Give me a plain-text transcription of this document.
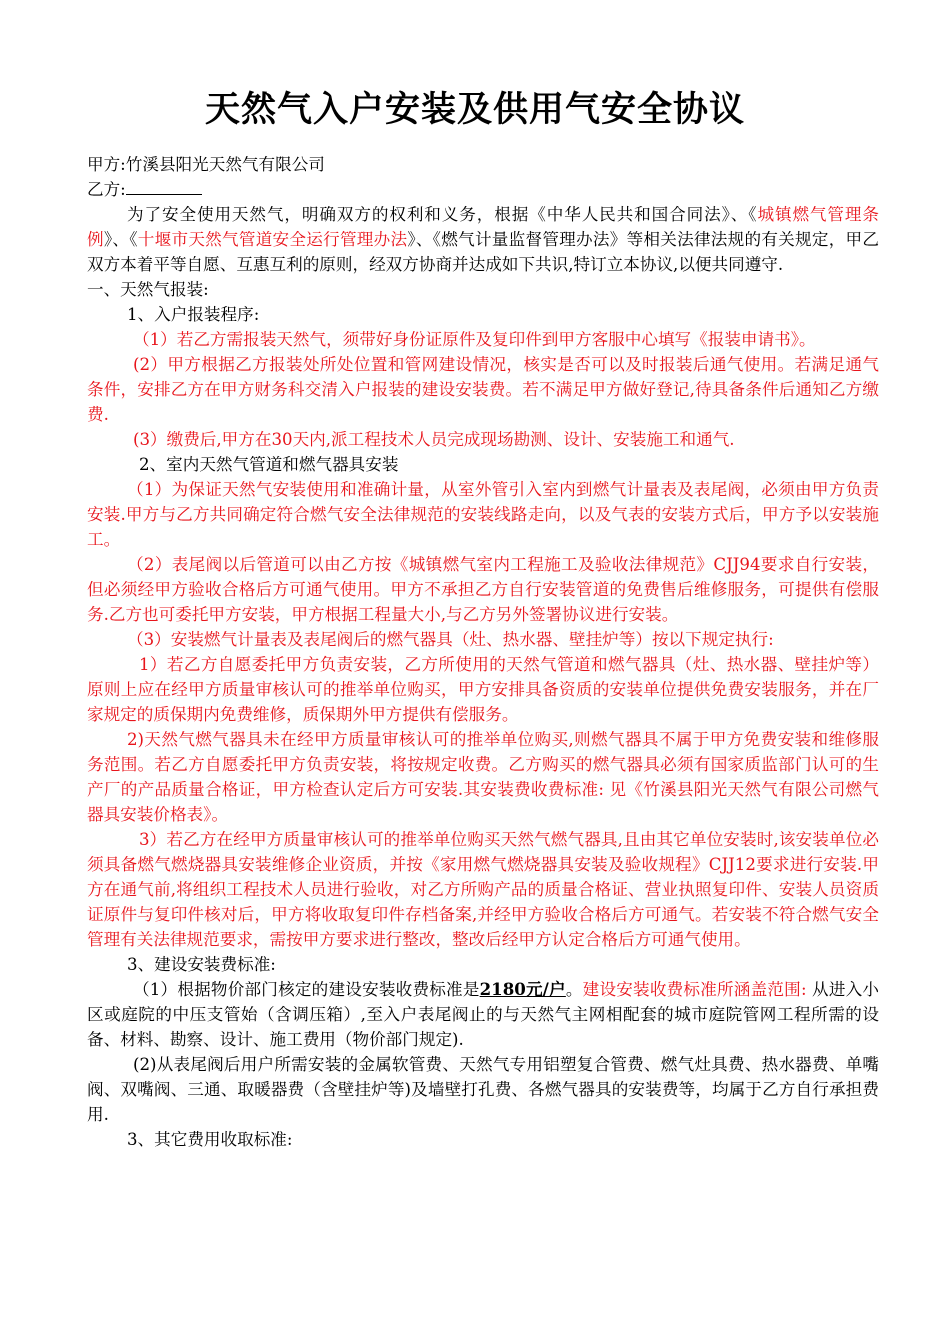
天然气入户安装及供用气安全协议

甲方:竹溪县阳光天然气有限公司

乙方:

为了安全使用天然气，明确双方的权利和义务，根据《中华人民共和国合同法》、《城镇燃气管理条例》、《十堰市天然气管道安全运行管理办法》、《燃气计量监督管理办法》等相关法律法规的有关规定，甲乙双方本着平等自愿、互惠互利的原则，经双方协商并达成如下共识,特订立本协议,以便共同遵守.

一、天然气报装:

1、入户报装程序:

（1）若乙方需报装天然气，须带好身份证原件及复印件到甲方客服中心填写《报装申请书》。

(2）甲方根据乙方报装处所处位置和管网建设情况，核实是否可以及时报装后通气使用。若满足通气条件，安排乙方在甲方财务科交清入户报装的建设安装费。若不满足甲方做好登记,待具备条件后通知乙方缴费.

(3）缴费后,甲方在30天内,派工程技术人员完成现场勘测、设计、安装施工和通气.

2、室内天然气管道和燃气器具安装

（1）为保证天然气安装使用和准确计量，从室外管引入室内到燃气计量表及表尾阀，必须由甲方负责安装.甲方与乙方共同确定符合燃气安全法律规范的安装线路走向，以及气表的安装方式后，甲方予以安装施工。

（2）表尾阀以后管道可以由乙方按《城镇燃气室内工程施工及验收法律规范》CJJ94要求自行安装，但必须经甲方验收合格后方可通气使用。甲方不承担乙方自行安装管道的免费售后维修服务，可提供有偿服务.乙方也可委托甲方安装，甲方根据工程量大小,与乙方另外签署协议进行安装。

（3）安装燃气计量表及表尾阀后的燃气器具（灶、热水器、壁挂炉等）按以下规定执行:

1）若乙方自愿委托甲方负责安装，乙方所使用的天然气管道和燃气器具（灶、热水器、壁挂炉等）原则上应在经甲方质量审核认可的推举单位购买，甲方安排具备资质的安装单位提供免费安装服务，并在厂家规定的质保期内免费维修，质保期外甲方提供有偿服务。

2)天然气燃气器具未在经甲方质量审核认可的推举单位购买,则燃气器具不属于甲方免费安装和维修服务范围。若乙方自愿委托甲方负责安装，将按规定收费。乙方购买的燃气器具必须有国家质监部门认可的生产厂的产品质量合格证，甲方检查认定后方可安装.其安装费收费标准: 见《竹溪县阳光天然气有限公司燃气器具安装价格表》。

3）若乙方在经甲方质量审核认可的推举单位购买天然气燃气器具,且由其它单位安装时,该安装单位必须具备燃气燃烧器具安装维修企业资质，并按《家用燃气燃烧器具安装及验收规程》CJJ12要求进行安装.甲方在通气前,将组织工程技术人员进行验收，对乙方所购产品的质量合格证、营业执照复印件、安装人员资质证原件与复印件核对后，甲方将收取复印件存档备案,并经甲方验收合格后方可通气。若安装不符合燃气安全管理有关法律规范要求，需按甲方要求进行整改，整改后经甲方认定合格后方可通气使用。

3、建设安装费标准:

（1）根据物价部门核定的建设安装收费标准是2180元/户。建设安装收费标准所涵盖范围: 从进入小区或庭院的中压支管始（含调压箱）,至入户表尾阀止的与天然气主网相配套的城市庭院管网工程所需的设备、材料、勘察、设计、施工费用（物价部门规定).

(2)从表尾阀后用户所需安装的金属软管费、天然气专用铝塑复合管费、燃气灶具费、热水器费、单嘴阀、双嘴阀、三通、取暖器费（含壁挂炉等)及墙壁打孔费、各燃气器具的安装费等，均属于乙方自行承担费用.

3、其它费用收取标准:
